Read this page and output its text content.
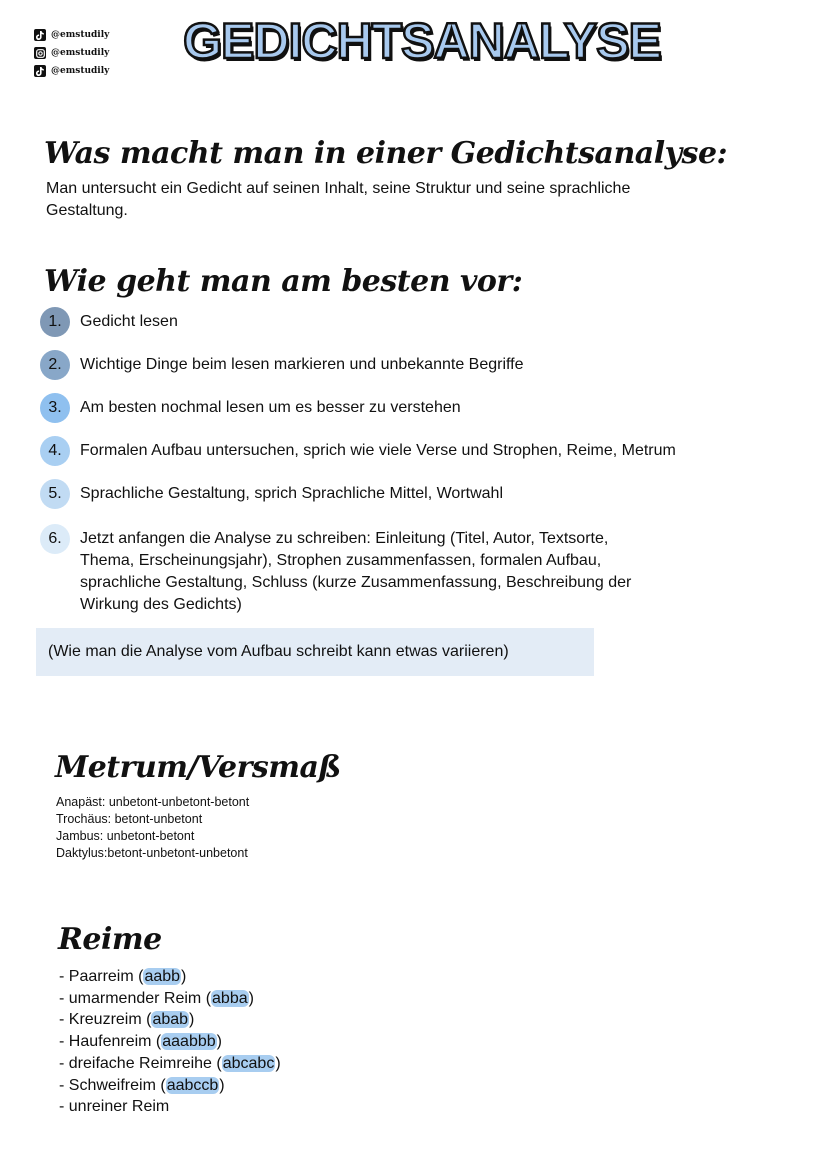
@emstudily
@emstudily
@emstudily
GEDICHTSANALYSE
Was macht man in einer Gedichtsanalyse:
Man untersucht ein Gedicht auf seinen Inhalt, seine Struktur und seine sprachliche Gestaltung.
Wie geht man am besten vor:
1.	Gedicht lesen
2.	Wichtige Dinge beim lesen markieren und unbekannte Begriffe
3.	Am besten nochmal lesen um es besser zu verstehen
4.	Formalen Aufbau untersuchen, sprich wie viele Verse und Strophen, Reime, Metrum
5.	Sprachliche Gestaltung, sprich Sprachliche Mittel, Wortwahl
6.	Jetzt anfangen die Analyse zu schreiben: Einleitung (Titel, Autor, Textsorte, Thema, Erscheinungsjahr), Strophen zusammenfassen, formalen Aufbau, sprachliche Gestaltung, Schluss (kurze Zusammenfassung, Beschreibung der Wirkung des Gedichts)
(Wie man die Analyse vom Aufbau schreibt kann etwas variieren)
Metrum/Versmaß
Anapäst: unbetont-unbetont-betont
Trochäus: betont-unbetont
Jambus: unbetont-betont
Daktylus:betont-unbetont-unbetont
Reime
- Paarreim (aabb)
- umarmender Reim (abba)
- Kreuzreim (abab)
- Haufenreim (aaabbb)
- dreifache Reimreihe (abcabc)
- Schweifreim (aabccb)
- unreiner Reim
